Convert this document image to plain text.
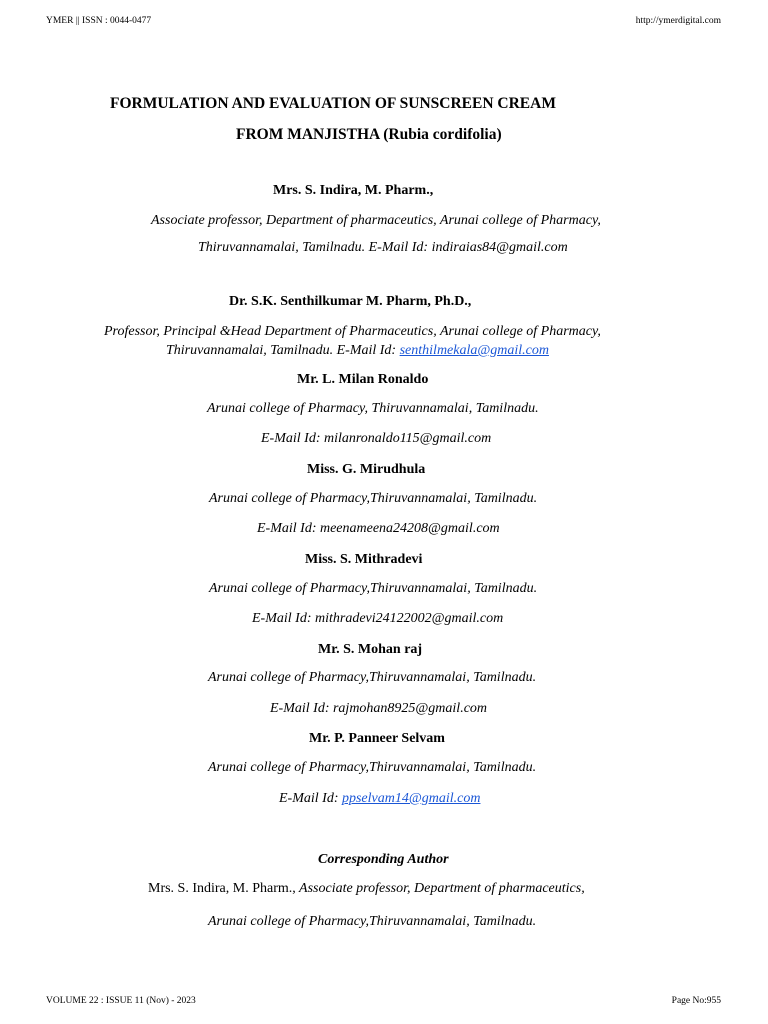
YMER || ISSN : 0044-0477	http://ymerdigital.com
FORMULATION AND EVALUATION OF SUNSCREEN CREAM
FROM MANJISTHA (Rubia cordifolia)
Mrs. S. Indira, M. Pharm.,
Associate professor, Department of pharmaceutics, Arunai college of Pharmacy,
Thiruvannamalai, Tamilnadu. E-Mail Id: indiraias84@gmail.com
Dr. S.K. Senthilkumar M. Pharm, Ph.D.,
Professor, Principal &Head Department of Pharmaceutics, Arunai college of Pharmacy,
Thiruvannamalai, Tamilnadu. E-Mail Id: senthilmekala@gmail.com
Mr. L. Milan Ronaldo
Arunai college of Pharmacy, Thiruvannamalai, Tamilnadu.
E-Mail Id: milanronaldo115@gmail.com
Miss. G. Mirudhula
Arunai college of Pharmacy,Thiruvannamalai, Tamilnadu.
E-Mail Id: meenameena24208@gmail.com
Miss. S. Mithradevi
Arunai college of Pharmacy,Thiruvannamalai, Tamilnadu.
E-Mail Id: mithradevi24122002@gmail.com
Mr. S. Mohan raj
Arunai college of Pharmacy,Thiruvannamalai, Tamilnadu.
E-Mail Id: rajmohan8925@gmail.com
Mr. P. Panneer Selvam
Arunai college of Pharmacy,Thiruvannamalai, Tamilnadu.
E-Mail Id: ppselvam14@gmail.com
Corresponding Author
Mrs. S. Indira, M. Pharm., Associate professor, Department of pharmaceutics,
Arunai college of Pharmacy,Thiruvannamalai, Tamilnadu.
VOLUME 22 : ISSUE 11 (Nov) - 2023	Page No:955
